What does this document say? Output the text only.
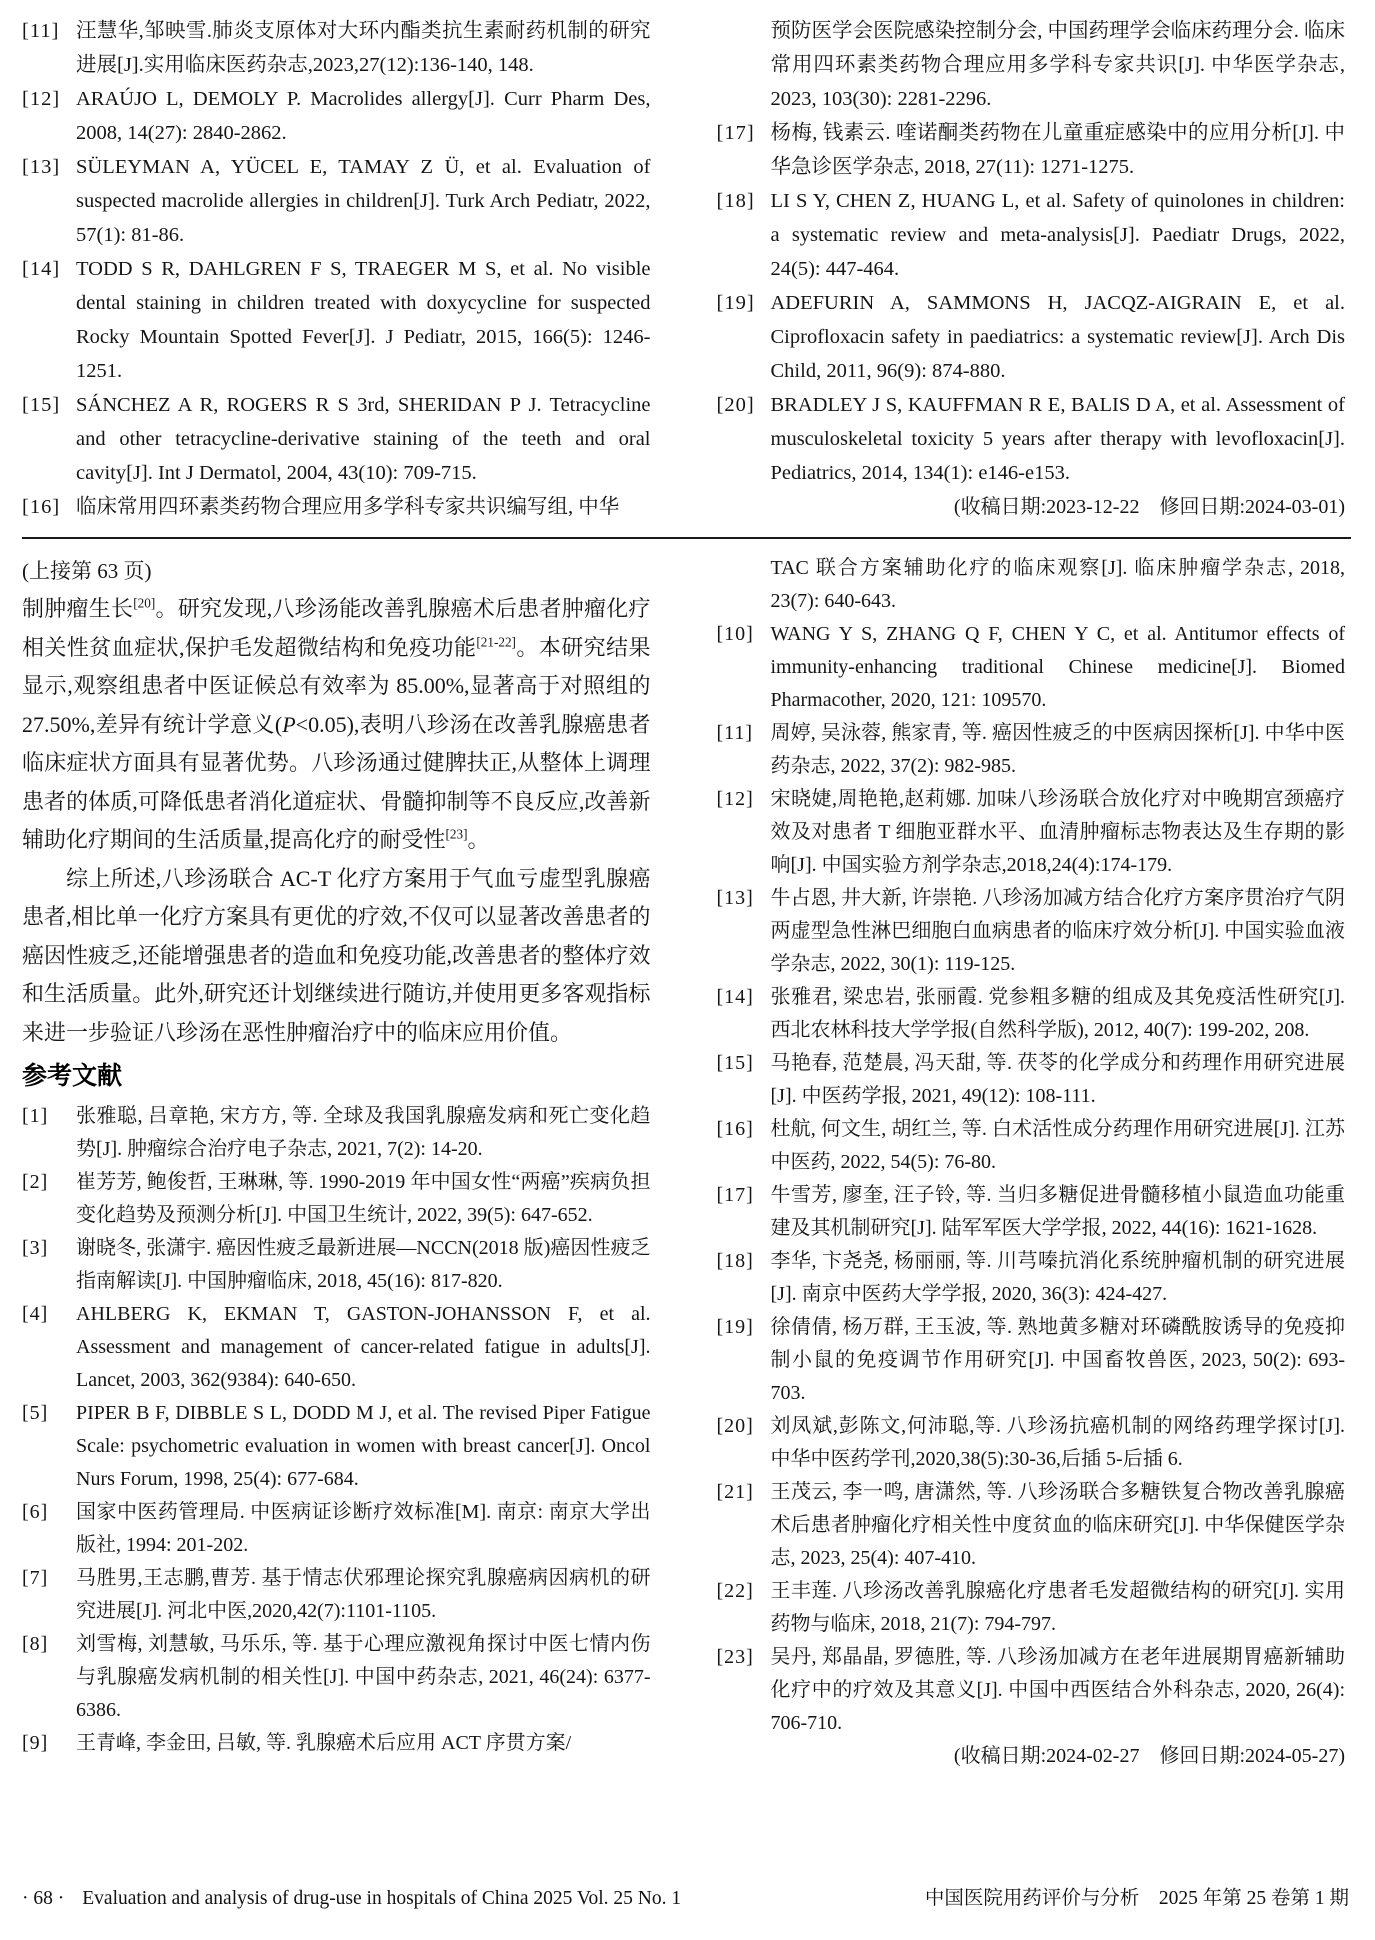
[11] 汪慧华,邹映雪.肺炎支原体对大环内酯类抗生素耐药机制的研究进展[J].实用临床医药杂志,2023,27(12):136-140, 148.
[12] ARAÚJO L, DEMOLY P. Macrolides allergy[J]. Curr Pharm Des, 2008, 14(27): 2840-2862.
[13] SÜLEYMAN A, YÜCEL E, TAMAY Z Ü, et al. Evaluation of suspected macrolide allergies in children[J]. Turk Arch Pediatr, 2022, 57(1): 81-86.
[14] TODD S R, DAHLGREN F S, TRAEGER M S, et al. No visible dental staining in children treated with doxycycline for suspected Rocky Mountain Spotted Fever[J]. J Pediatr, 2015, 166(5): 1246-1251.
[15] SÁNCHEZ A R, ROGERS R S 3rd, SHERIDAN P J. Tetracycline and other tetracycline-derivative staining of the teeth and oral cavity[J]. Int J Dermatol, 2004, 43(10): 709-715.
[16] 临床常用四环素类药物合理应用多学科专家共识编写组, 中华
预防医学会医院感染控制分会, 中国药理学会临床药理分会. 临床常用四环素类药物合理应用多学科专家共识[J]. 中华医学杂志, 2023, 103(30): 2281-2296.
[17] 杨梅, 钱素云. 喹诺酮类药物在儿童重症感染中的应用分析[J]. 中华急诊医学杂志, 2018, 27(11): 1271-1275.
[18] LI S Y, CHEN Z, HUANG L, et al. Safety of quinolones in children: a systematic review and meta-analysis[J]. Paediatr Drugs, 2022, 24(5): 447-464.
[19] ADEFURIN A, SAMMONS H, JACQZ-AIGRAIN E, et al. Ciprofloxacin safety in paediatrics: a systematic review[J]. Arch Dis Child, 2011, 96(9): 874-880.
[20] BRADLEY J S, KAUFFMAN R E, BALIS D A, et al. Assessment of musculoskeletal toxicity 5 years after therapy with levofloxacin[J]. Pediatrics, 2014, 134(1): e146-e153.
(收稿日期:2023-12-22　修回日期:2024-03-01)
(上接第 63 页)
制肿瘤生长[20]。研究发现,八珍汤能改善乳腺癌术后患者肿瘤化疗相关性贫血症状,保护毛发超微结构和免疫功能[21-22]。本研究结果显示,观察组患者中医证候总有效率为 85.00%,显著高于对照组的 27.50%,差异有统计学意义(P<0.05),表明八珍汤在改善乳腺癌患者临床症状方面具有显著优势。八珍汤通过健脾扶正,从整体上调理患者的体质,可降低患者消化道症状、骨髓抑制等不良反应,改善新辅助化疗期间的生活质量,提高化疗的耐受性[23]。
综上所述,八珍汤联合 AC-T 化疗方案用于气血亏虚型乳腺癌患者,相比单一化疗方案具有更优的疗效,不仅可以显著改善患者的癌因性疲乏,还能增强患者的造血和免疫功能,改善患者的整体疗效和生活质量。此外,研究还计划继续进行随访,并使用更多客观指标来进一步验证八珍汤在恶性肿瘤治疗中的临床应用价值。
参考文献
[1]	张雅聪, 吕章艳, 宋方方, 等. 全球及我国乳腺癌发病和死亡变化趋势[J]. 肿瘤综合治疗电子杂志, 2021, 7(2): 14-20.
[2]	崔芳芳, 鲍俊哲, 王琳琳, 等. 1990-2019 年中国女性“两癌”疾病负担变化趋势及预测分析[J]. 中国卫生统计, 2022, 39(5): 647-652.
[3]	谢晓冬, 张潇宇. 癌因性疲乏最新进展—NCCN(2018 版)癌因性疲乏指南解读[J]. 中国肿瘤临床, 2018, 45(16): 817-820.
[4]	AHLBERG K, EKMAN T, GASTON-JOHANSSON F, et al. Assessment and management of cancer-related fatigue in adults[J]. Lancet, 2003, 362(9384): 640-650.
[5]	PIPER B F, DIBBLE S L, DODD M J, et al. The revised Piper Fatigue Scale: psychometric evaluation in women with breast cancer[J]. Oncol Nurs Forum, 1998, 25(4): 677-684.
[6]	国家中医药管理局. 中医病证诊断疗效标准[M]. 南京: 南京大学出版社, 1994: 201-202.
[7]	马胜男,王志鹏,曹芳. 基于情志伏邪理论探究乳腺癌病因病机的研究进展[J]. 河北中医,2020,42(7):1101-1105.
[8]	刘雪梅, 刘慧敏, 马乐乐, 等. 基于心理应激视角探讨中医七情内伤与乳腺癌发病机制的相关性[J]. 中国中药杂志, 2021, 46(24): 6377-6386.
[9]	王青峰, 李金田, 吕敏, 等. 乳腺癌术后应用 ACT 序贯方案/
TAC 联合方案辅助化疗的临床观察[J]. 临床肿瘤学杂志, 2018, 23(7): 640-643.
[10] WANG Y S, ZHANG Q F, CHEN Y C, et al. Antitumor effects of immunity-enhancing traditional Chinese medicine[J]. Biomed Pharmacother, 2020, 121: 109570.
[11] 周婷, 吴泳蓉, 熊家青, 等. 癌因性疲乏的中医病因探析[J]. 中华中医药杂志, 2022, 37(2): 982-985.
[12] 宋晓婕,周艳艳,赵莉娜. 加味八珍汤联合放化疗对中晚期宫颈癌疗效及对患者 T 细胞亚群水平、血清肿瘤标志物表达及生存期的影响[J]. 中国实验方剂学杂志,2018,24(4):174-179.
[13] 牛占恩, 井大新, 许崇艳. 八珍汤加减方结合化疗方案序贯治疗气阴两虚型急性淋巴细胞白血病患者的临床疗效分析[J]. 中国实验血液学杂志, 2022, 30(1): 119-125.
[14] 张雅君, 梁忠岩, 张丽霞. 党参粗多糖的组成及其免疫活性研究[J]. 西北农林科技大学学报(自然科学版), 2012, 40(7): 199-202, 208.
[15] 马艳春, 范楚晨, 冯天甜, 等. 茯苓的化学成分和药理作用研究进展[J]. 中医药学报, 2021, 49(12): 108-111.
[16] 杜航, 何文生, 胡红兰, 等. 白术活性成分药理作用研究进展[J]. 江苏中医药, 2022, 54(5): 76-80.
[17] 牛雪芳, 廖奎, 汪子铃, 等. 当归多糖促进骨髓移植小鼠造血功能重建及其机制研究[J]. 陆军军医大学学报, 2022, 44(16): 1621-1628.
[18] 李华, 卞尧尧, 杨丽丽, 等. 川芎嗪抗消化系统肿瘤机制的研究进展[J]. 南京中医药大学学报, 2020, 36(3): 424-427.
[19] 徐倩倩, 杨万群, 王玉波, 等. 熟地黄多糖对环磷酰胺诱导的免疫抑制小鼠的免疫调节作用研究[J]. 中国畜牧兽医, 2023, 50(2): 693-703.
[20] 刘凤斌,彭陈文,何沛聪,等. 八珍汤抗癌机制的网络药理学探讨[J]. 中华中医药学刊,2020,38(5):30-36,后插 5-后插 6.
[21] 王茂云, 李一鸣, 唐潇然, 等. 八珍汤联合多糖铁复合物改善乳腺癌术后患者肿瘤化疗相关性中度贫血的临床研究[J]. 中华保健医学杂志, 2023, 25(4): 407-410.
[22] 王丰莲. 八珍汤改善乳腺癌化疗患者毛发超微结构的研究[J]. 实用药物与临床, 2018, 21(7): 794-797.
[23] 吴丹, 郑晶晶, 罗德胜, 等. 八珍汤加减方在老年进展期胃癌新辅助化疗中的疗效及其意义[J]. 中国中西医结合外科杂志, 2020, 26(4): 706-710.
(收稿日期:2024-02-27　修回日期:2024-05-27)
· 68 · Evaluation and analysis of drug-use in hospitals of China 2025 Vol. 25 No. 1	中国医院用药评价与分析　2025 年第 25 卷第 1 期
